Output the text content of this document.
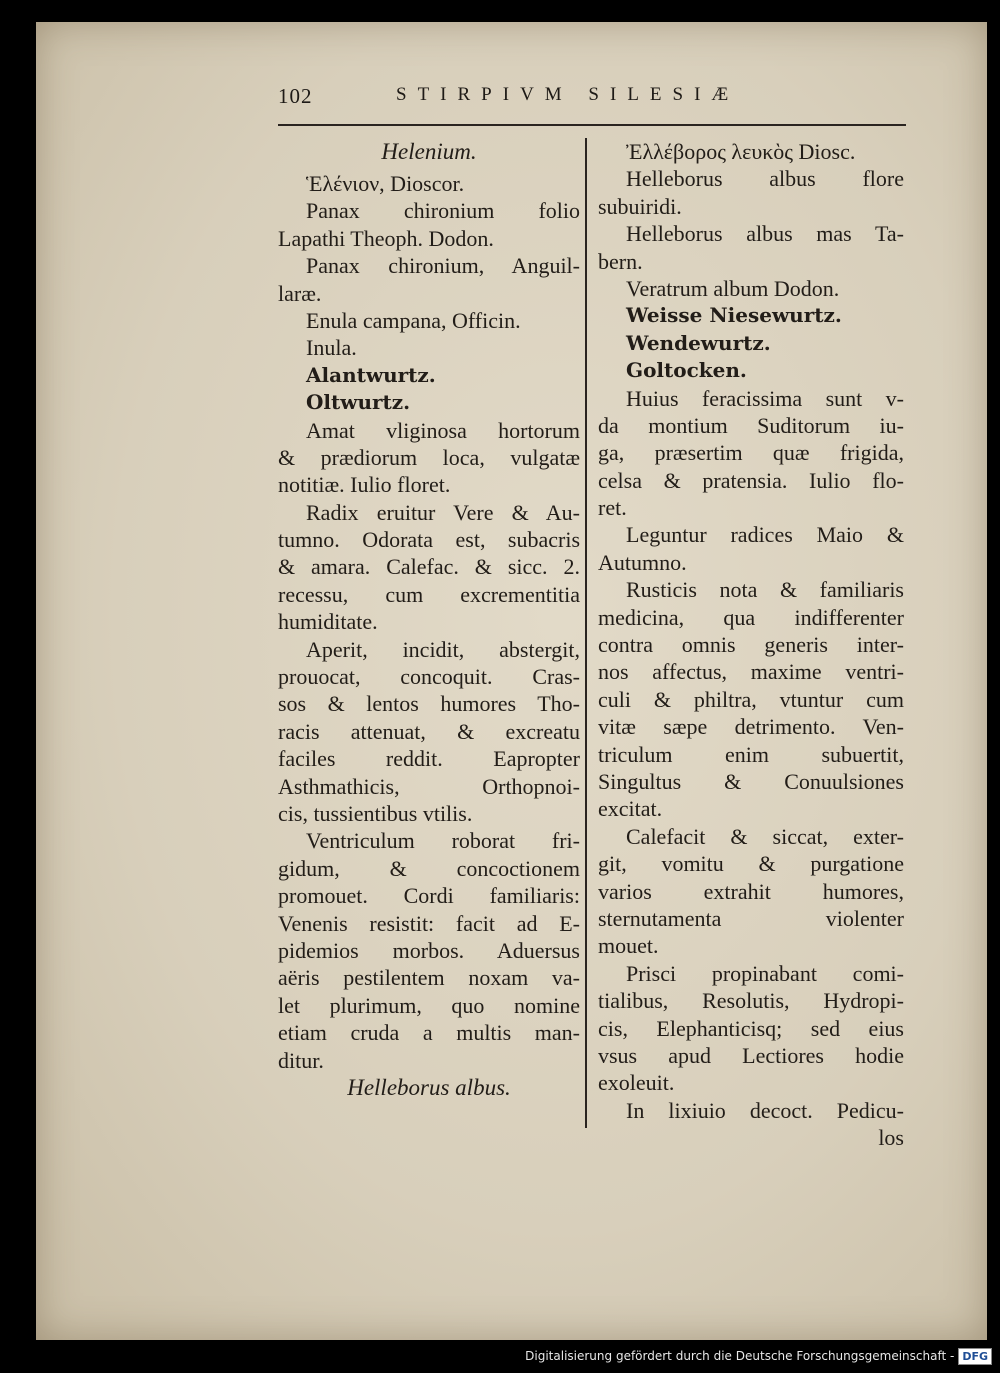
102	STIRPIVM SILESIÆ
Helenium.
Ἑλένιον, Dioscor.
Panax chironium folio
Lapathi Theoph. Dodon.
Panax chironium, Anguil-
laræ.
Enula campana, Officin.
Inula.
Alantwurtz.
Oltwurtz.
Amat vliginosa hortorum
& prædiorum loca, vulgatæ
notitiæ. Iulio floret.
Radix eruitur Vere & Au-
tumno. Odorata est, subacris
& amara. Calefac. & sicc. 2.
recessu, cum excrementitia
humiditate.
Aperit, incidit, abstergit,
prouocat, concoquit. Cras-
sos & lentos humores Tho-
racis attenuat, & excreatu
faciles reddit. Eapropter
Asthmathicis, Orthopnoi-
cis, tussientibus vtilis.
Ventriculum roborat fri-
gidum, & concoctionem
promouet. Cordi familiaris:
Venenis resistit: facit ad E-
pidemios morbos. Aduersus
aëris pestilentem noxam va-
let plurimum, quo nomine
etiam cruda a multis man-
ditur.
Helleborus albus.
Ἐλλέβορος λευκὸς Diosc.
Helleborus albus flore
subuiridi.
Helleborus albus mas Ta-
bern.
Veratrum album Dodon.
Weisse Niesewurtz.
Wendewurtz.
Goltocken.
Huius feracissima sunt v-
da montium Suditorum iu-
ga, præsertim quæ frigida,
celsa & pratensia. Iulio flo-
ret.
Leguntur radices Maio &
Autumno.
Rusticis nota & familiaris
medicina, qua indifferenter
contra omnis generis inter-
nos affectus, maxime ventri-
culi & philtra, vtuntur cum
vitæ sæpe detrimento. Ven-
triculum enim subuertit,
Singultus & Conuulsiones
excitat.
Calefacit & siccat, exter-
git, vomitu & purgatione
varios extrahit humores,
sternutamenta violenter
mouet.
Prisci propinabant comi-
tialibus, Resolutis, Hydropi-
cis, Elephanticisq; sed eius
vsus apud Lectiores hodie
exoleuit.
In lixiuio decoct. Pedicu-
los
Digitalisierung gefördert durch die Deutsche Forschungsgemeinschaft - DFG
